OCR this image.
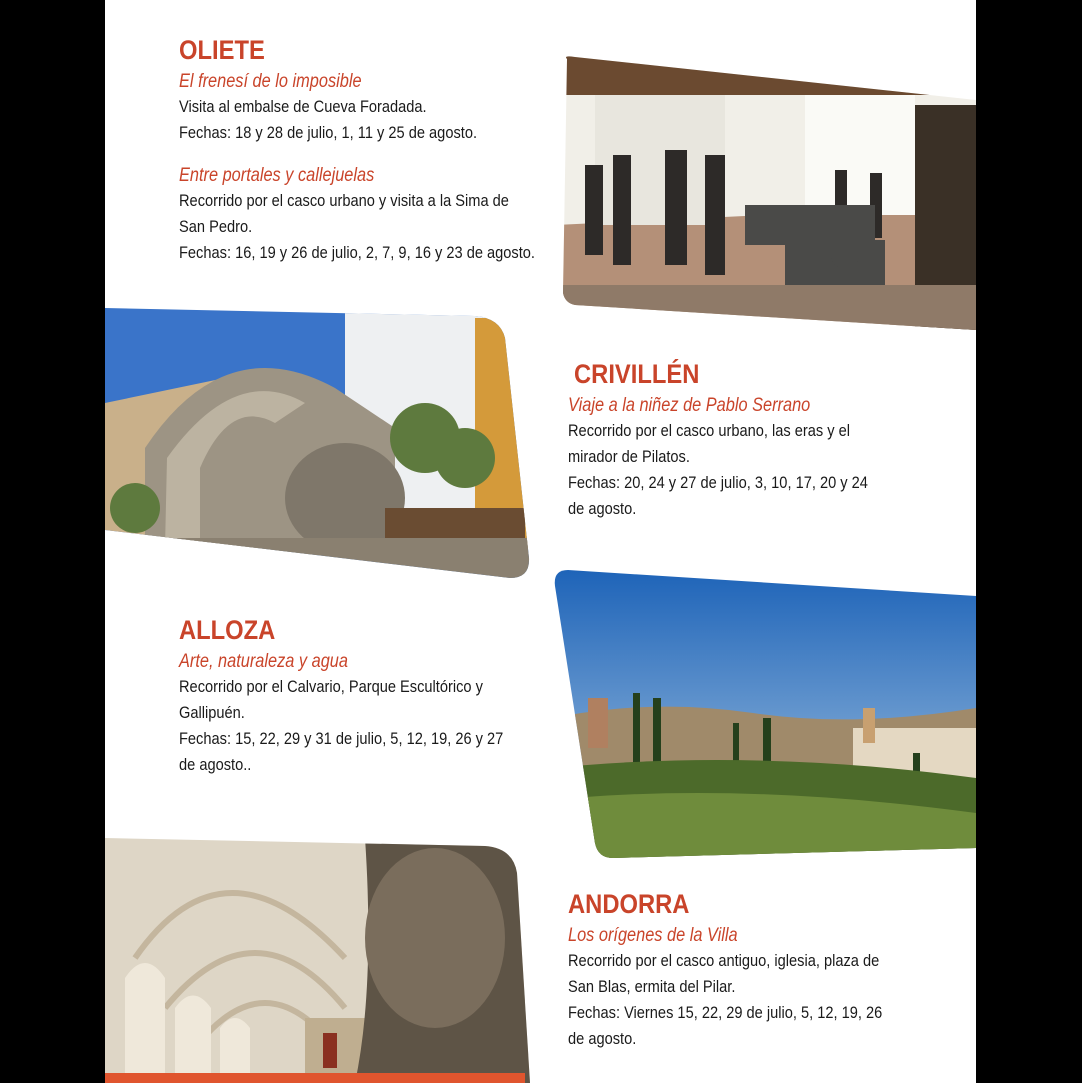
OLIETE
El frenesí de lo imposible
Visita al embalse de Cueva Foradada.
Fechas: 18 y 28 de julio, 1, 11 y 25 de agosto.
Entre portales y callejuelas
Recorrido por el casco urbano y visita a la Sima de
San Pedro.
Fechas: 16, 19 y 26 de julio, 2, 7, 9, 16 y 23 de agosto.
CRIVILLÉN
Viaje a la niñez de Pablo Serrano
Recorrido por el casco urbano, las eras y el
mirador de Pilatos.
Fechas: 20, 24 y 27 de julio, 3, 10, 17, 20 y 24
de agosto.
ALLOZA
Arte, naturaleza y agua
Recorrido por el Calvario, Parque Escultórico y
Gallipuén.
Fechas: 15, 22, 29 y 31 de julio, 5, 12, 19, 26 y 27
de agosto..
ANDORRA
Los orígenes de la Villa
Recorrido por el casco antiguo, iglesia, plaza de
San Blas, ermita del Pilar.
Fechas: Viernes 15, 22, 29 de julio, 5, 12, 19, 26
de agosto.
